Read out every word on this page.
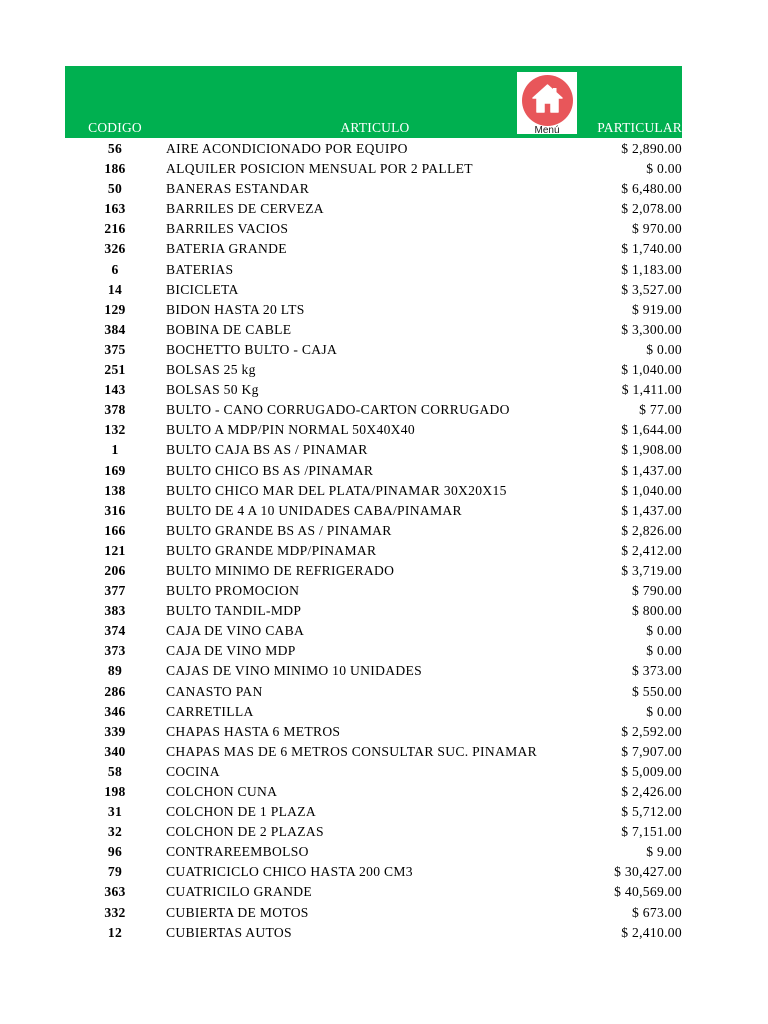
CODIGO	ARTICULO	Menú	PARTICULAR
56	AIRE ACONDICIONADO POR EQUIPO	$ 2,890.00
186	ALQUILER POSICION MENSUAL POR 2 PALLET	$ 0.00
50	BANERAS ESTANDAR	$ 6,480.00
163	BARRILES DE CERVEZA	$ 2,078.00
216	BARRILES VACIOS	$ 970.00
326	BATERIA GRANDE	$ 1,740.00
6	BATERIAS	$ 1,183.00
14	BICICLETA	$ 3,527.00
129	BIDON HASTA 20 LTS	$ 919.00
384	BOBINA DE CABLE	$ 3,300.00
375	BOCHETTO BULTO - CAJA	$ 0.00
251	BOLSAS 25 kg	$ 1,040.00
143	BOLSAS 50 Kg	$ 1,411.00
378	BULTO - CANO CORRUGADO-CARTON CORRUGADO	$ 77.00
132	BULTO A MDP/PIN NORMAL 50X40X40	$ 1,644.00
1	BULTO CAJA BS AS / PINAMAR	$ 1,908.00
169	BULTO CHICO BS AS /PINAMAR	$ 1,437.00
138	BULTO CHICO MAR DEL PLATA/PINAMAR 30X20X15	$ 1,040.00
316	BULTO DE 4 A 10 UNIDADES CABA/PINAMAR	$ 1,437.00
166	BULTO GRANDE BS AS / PINAMAR	$ 2,826.00
121	BULTO GRANDE MDP/PINAMAR	$ 2,412.00
206	BULTO MINIMO DE REFRIGERADO	$ 3,719.00
377	BULTO PROMOCION	$ 790.00
383	BULTO TANDIL-MDP	$ 800.00
374	CAJA DE VINO CABA	$ 0.00
373	CAJA DE VINO MDP	$ 0.00
89	CAJAS DE VINO MINIMO 10 UNIDADES	$ 373.00
286	CANASTO PAN	$ 550.00
346	CARRETILLA	$ 0.00
339	CHAPAS HASTA 6 METROS	$ 2,592.00
340	CHAPAS MAS DE 6 METROS CONSULTAR SUC. PINAMAR	$ 7,907.00
58	COCINA	$ 5,009.00
198	COLCHON CUNA	$ 2,426.00
31	COLCHON DE 1 PLAZA	$ 5,712.00
32	COLCHON DE 2 PLAZAS	$ 7,151.00
96	CONTRAREEMBOLSO	$ 9.00
79	CUATRICICLO CHICO HASTA 200 CM3	$ 30,427.00
363	CUATRICILO GRANDE	$ 40,569.00
332	CUBIERTA DE MOTOS	$ 673.00
12	CUBIERTAS AUTOS	$ 2,410.00
